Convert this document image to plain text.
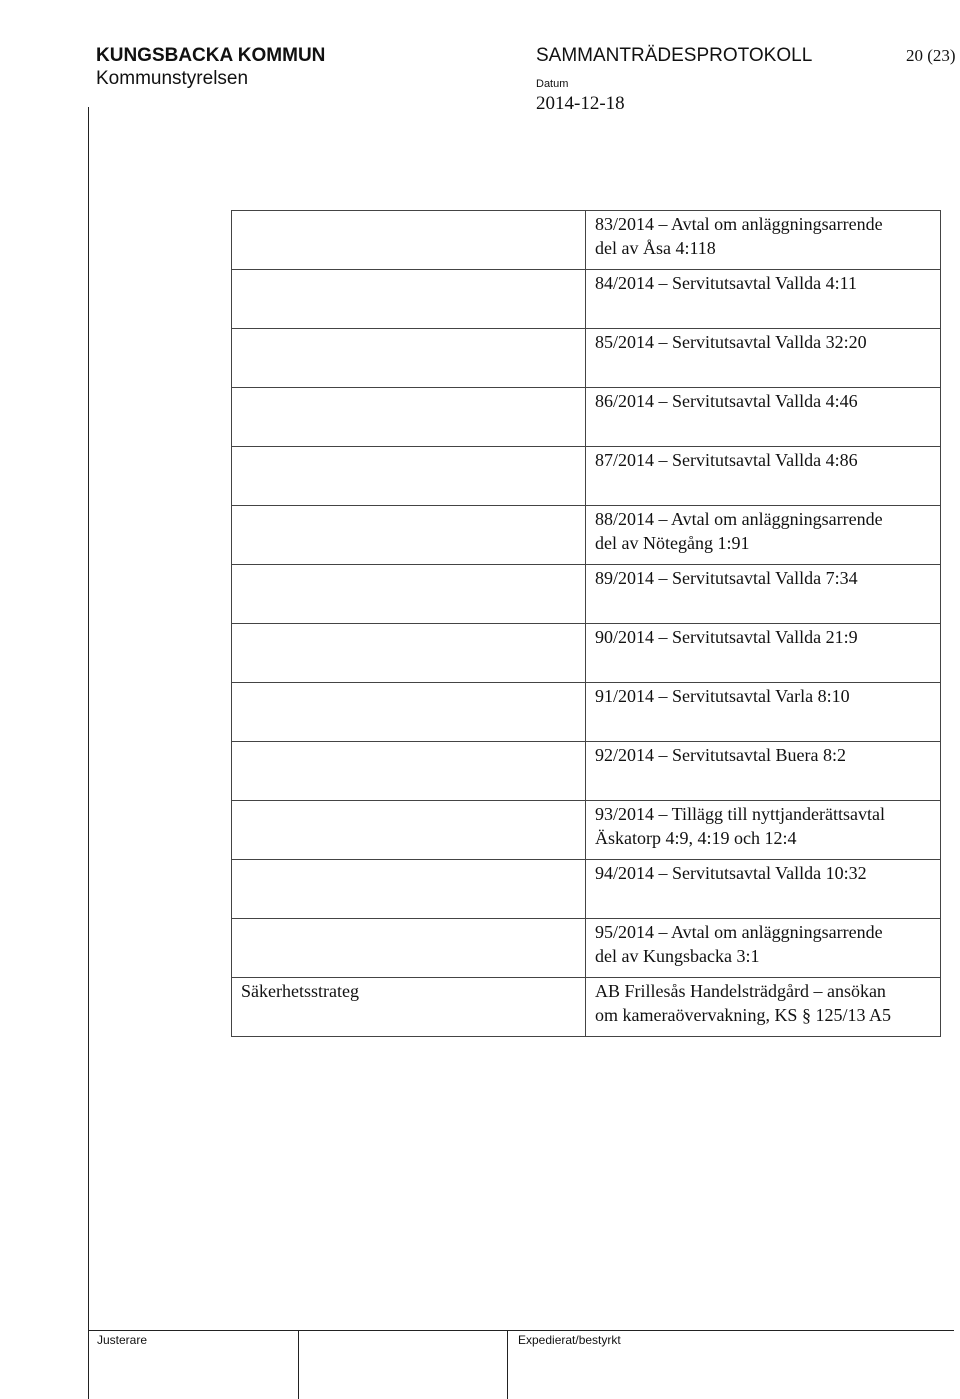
KUNGSBACKA KOMMUN
Kommunstyrelsen
SAMMANTRÄDESPROTOKOLL	20 (23)
Datum
2014-12-18

	83/2014 – Avtal om anläggningsarrende
del av Åsa 4:118

	84/2014 – Servitutsavtal Vallda 4:11

	85/2014 – Servitutsavtal Vallda 32:20

	86/2014 – Servitutsavtal Vallda 4:46

	87/2014 – Servitutsavtal Vallda 4:86

	88/2014 – Avtal om anläggningsarrende
del av Nötegång 1:91

	89/2014 – Servitutsavtal Vallda 7:34

	90/2014 – Servitutsavtal Vallda 21:9

	91/2014 – Servitutsavtal Varla 8:10

	92/2014 – Servitutsavtal Buera 8:2

	93/2014 – Tillägg till nyttjanderättsavtal
Äskatorp 4:9, 4:19 och 12:4

	94/2014 – Servitutsavtal Vallda 10:32

	95/2014 – Avtal om anläggningsarrende
del av Kungsbacka 3:1

Säkerhetsstrateg	AB Frillesås Handelsträdgård – ansökan
om kameraövervakning, KS § 125/13 A5
Justerare	Expedierat/bestyrkt
